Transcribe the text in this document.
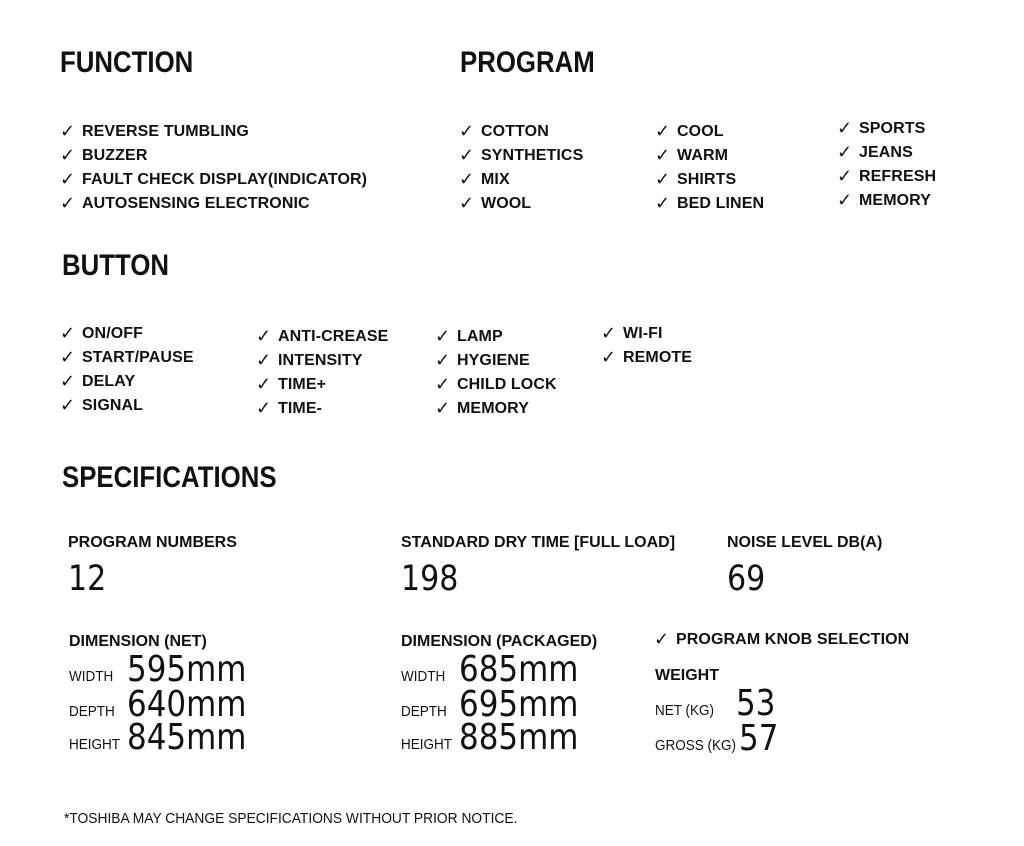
FUNCTION
✓ REVERSE TUMBLING
✓ BUZZER
✓ FAULT CHECK DISPLAY(INDICATOR)
✓ AUTOSENSING ELECTRONIC
PROGRAM
✓ COTTON
✓ SYNTHETICS
✓ MIX
✓ WOOL
✓ COOL
✓ WARM
✓ SHIRTS
✓ BED LINEN
✓ SPORTS
✓ JEANS
✓ REFRESH
✓ MEMORY
BUTTON
✓ ON/OFF
✓ START/PAUSE
✓ DELAY
✓ SIGNAL
✓ ANTI-CREASE
✓ INTENSITY
✓ TIME+
✓ TIME-
✓ LAMP
✓ HYGIENE
✓ CHILD LOCK
✓ MEMORY
✓ WI-FI
✓ REMOTE
SPECIFICATIONS
PROGRAM NUMBERS
12
STANDARD DRY TIME [FULL LOAD]
198
NOISE LEVEL DB(A)
69
DIMENSION (NET)
WIDTH 595mm
DEPTH 640mm
HEIGHT 845mm
DIMENSION (PACKAGED)
WIDTH 685mm
DEPTH 695mm
HEIGHT 885mm
✓ PROGRAM KNOB SELECTION
WEIGHT
NET (KG) 53
GROSS (KG) 57
*TOSHIBA MAY CHANGE SPECIFICATIONS WITHOUT PRIOR NOTICE.
